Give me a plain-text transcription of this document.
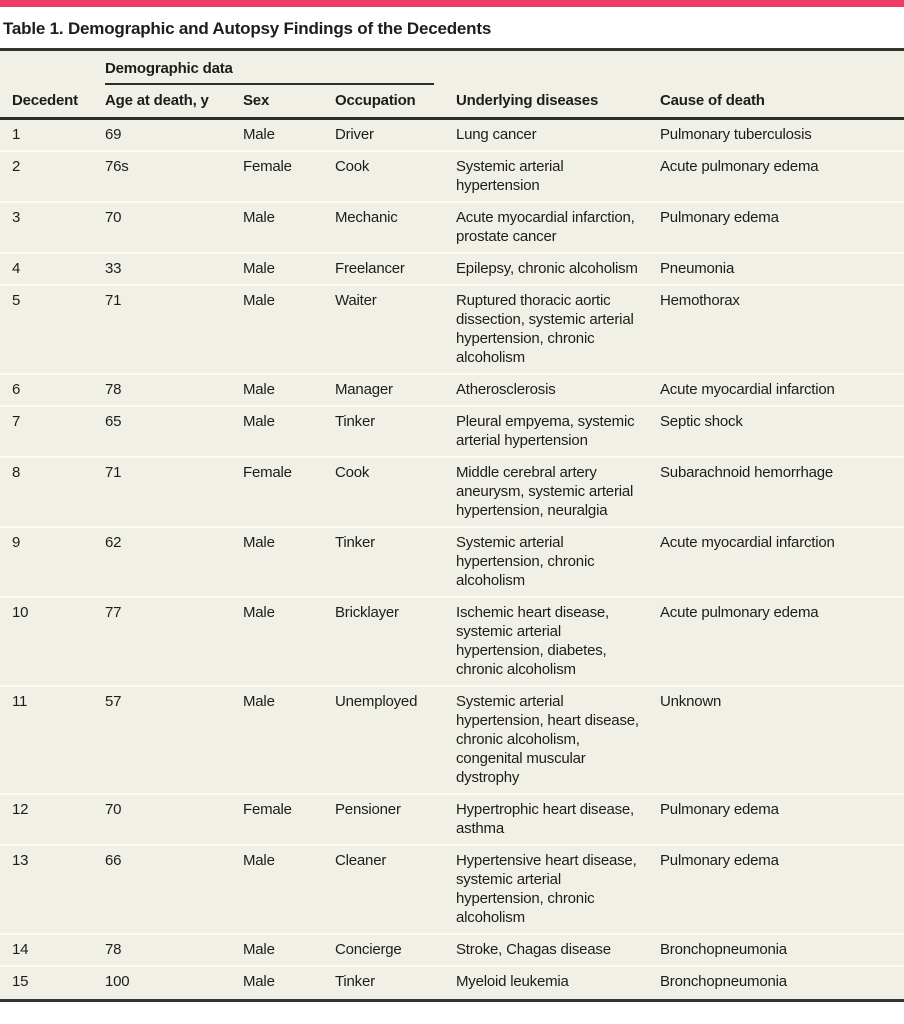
Table 1. Demographic and Autopsy Findings of the Decedents

	Demographic data				

Decedent	Age at death, y	Sex	Occupation	Underlying diseases	Cause of death
1	69	Male	Driver	Lung cancer	Pulmonary tuberculosis
2	76s	Female	Cook	Systemic arterial hypertension	Acute pulmonary edema
3	70	Male	Mechanic	Acute myocardial infarction, prostate cancer	Pulmonary edema
4	33	Male	Freelancer	Epilepsy, chronic alcoholism	Pneumonia
5	71	Male	Waiter	Ruptured thoracic aortic dissection, systemic arterial hypertension, chronic alcoholism	Hemothorax
6	78	Male	Manager	Atherosclerosis	Acute myocardial infarction
7	65	Male	Tinker	Pleural empyema, systemic arterial hypertension	Septic shock
8	71	Female	Cook	Middle cerebral artery aneurysm, systemic arterial hypertension, neuralgia	Subarachnoid hemorrhage
9	62	Male	Tinker	Systemic arterial hypertension, chronic alcoholism	Acute myocardial infarction
10	77	Male	Bricklayer	Ischemic heart disease, systemic arterial hypertension, diabetes, chronic alcoholism	Acute pulmonary edema
11	57	Male	Unemployed	Systemic arterial hypertension, heart disease, chronic alcoholism, congenital muscular dystrophy	Unknown
12	70	Female	Pensioner	Hypertrophic heart disease, asthma	Pulmonary edema
13	66	Male	Cleaner	Hypertensive heart disease, systemic arterial hypertension, chronic alcoholism	Pulmonary edema
14	78	Male	Concierge	Stroke, Chagas disease	Bronchopneumonia
15	100	Male	Tinker	Myeloid leukemia	Bronchopneumonia
